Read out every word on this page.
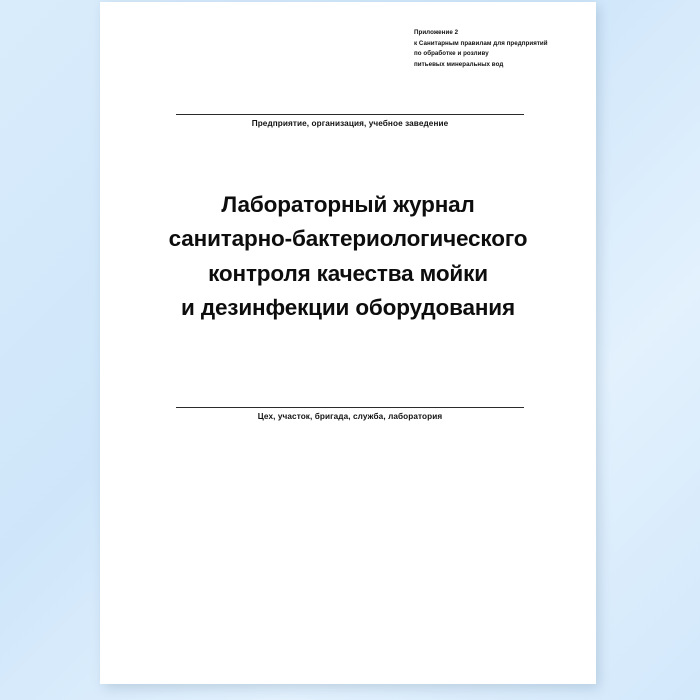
Приложение 2
к Санитарным правилам для предприятий
по обработке и розливу
питьевых минеральных вод
Предприятие, организация, учебное заведение
Лабораторный журнал
санитарно-бактериологического
контроля качества мойки
и дезинфекции оборудования
Цех, участок, бригада, служба, лаборатория
